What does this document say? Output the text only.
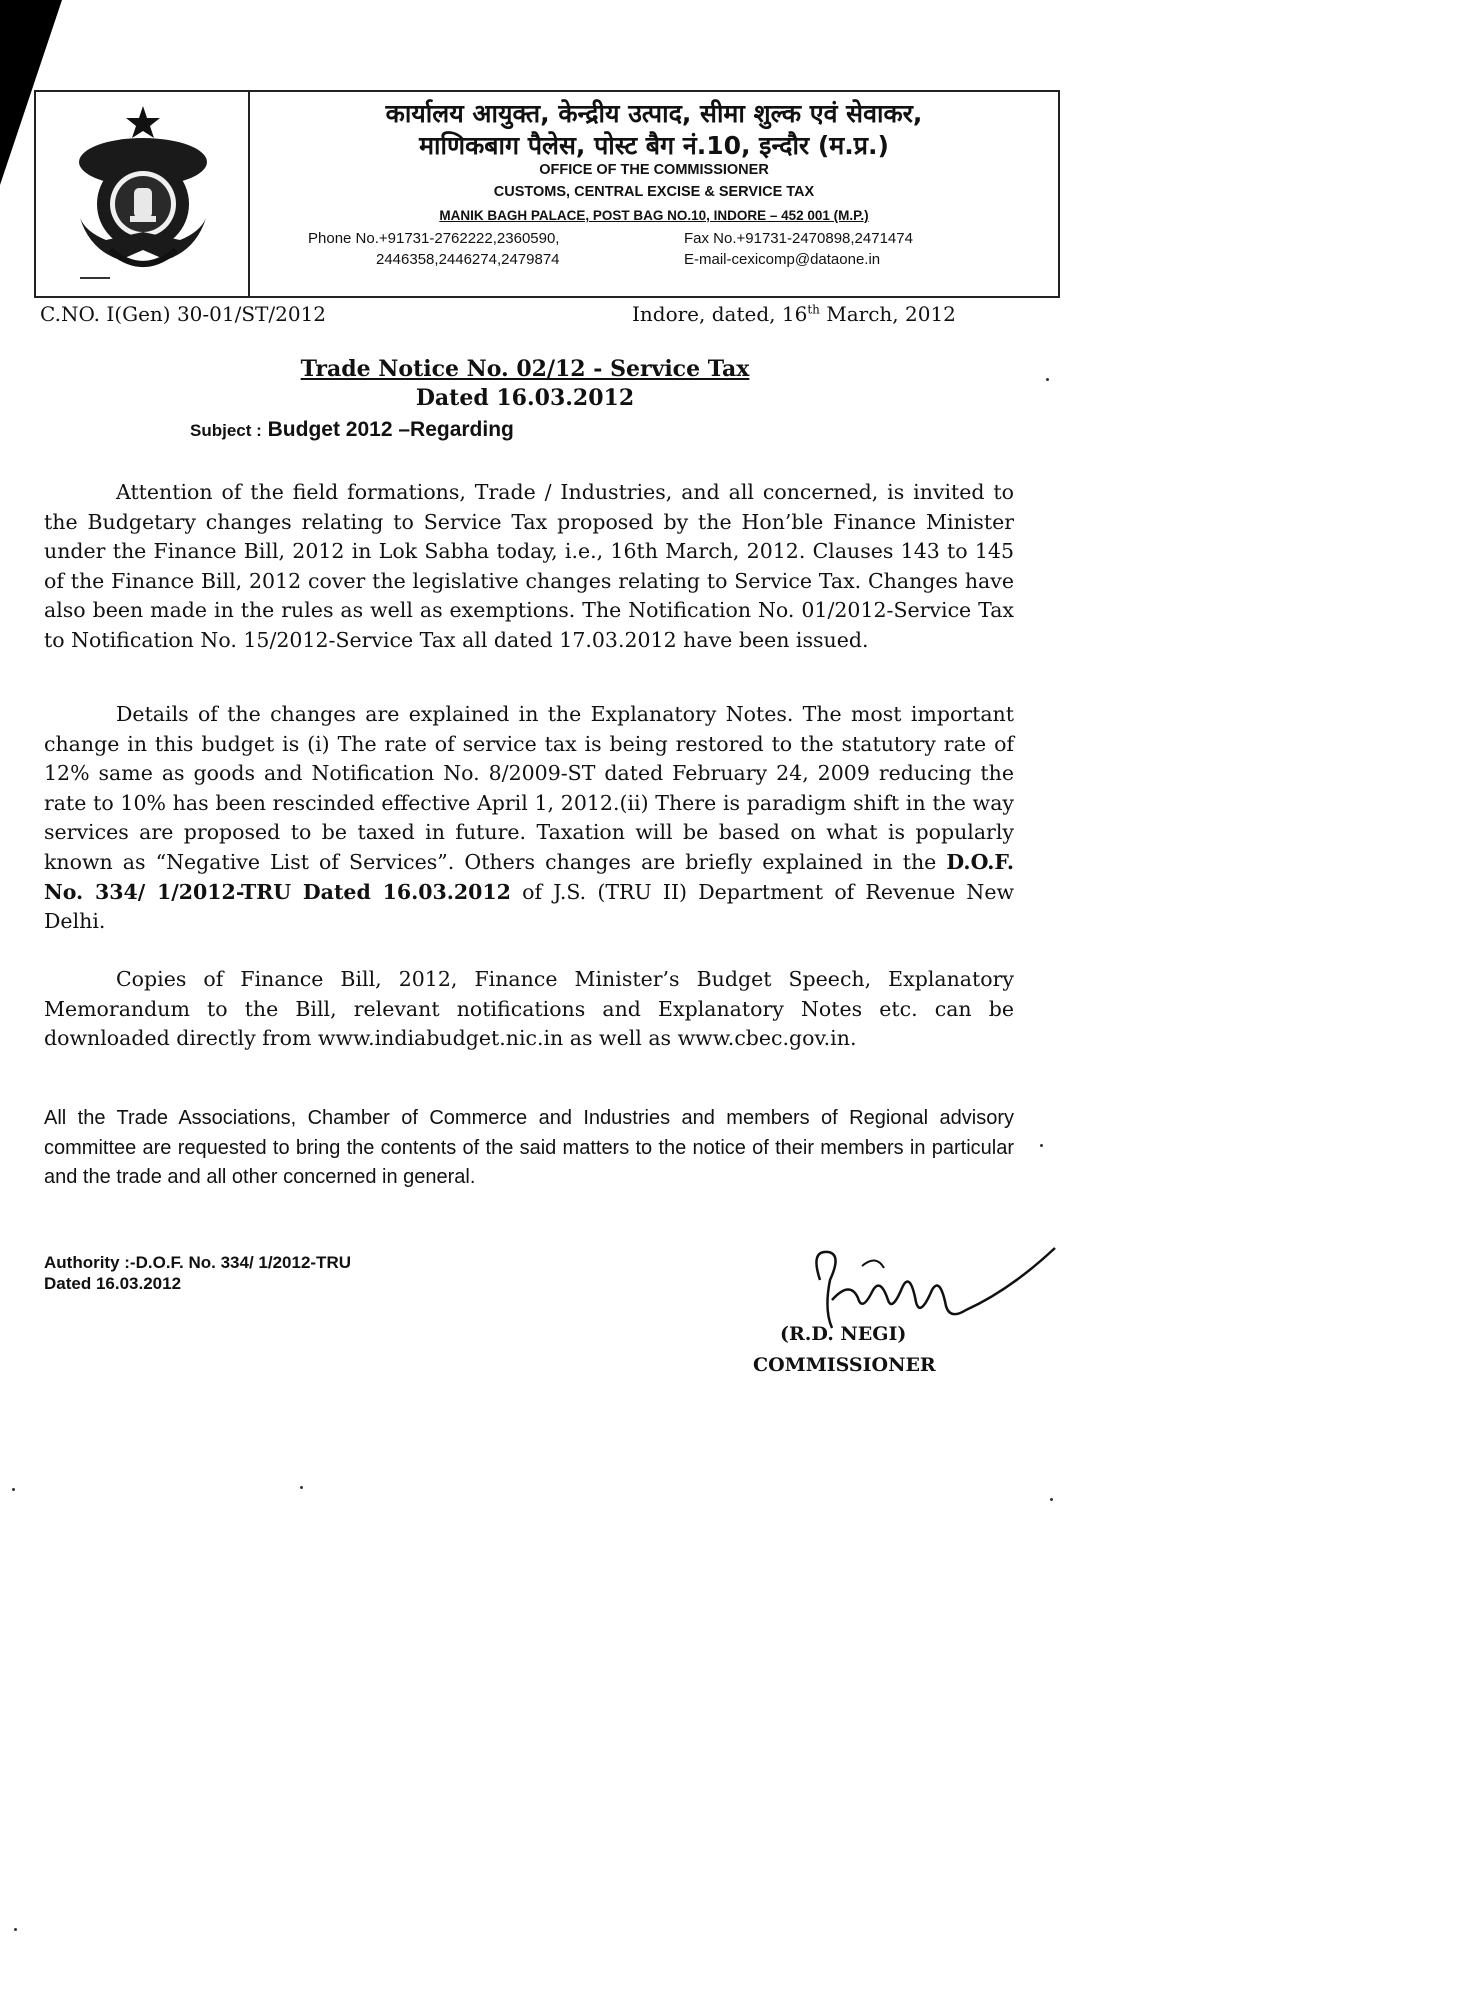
कार्यालय आयुक्त, केन्द्रीय उत्पाद, सीमा शुल्क एवं सेवाकर,
माणिकबाग पैलेस, पोस्ट बैग नं.10, इन्दौर (म.प्र.)
OFFICE OF THE COMMISSIONER
CUSTOMS, CENTRAL EXCISE & SERVICE TAX
MANIK BAGH PALACE, POST BAG NO.10, INDORE – 452 001 (M.P.)
Phone No.+91731-2762222,2360590,
2446358,2446274,2479874
Fax No.+91731-2470898,2471474
E-mail-cexicomp@dataone.in
C.NO. I(Gen) 30-01/ST/2012	Indore, dated, 16th March, 2012
Trade Notice No. 02/12 - Service Tax
Dated 16.03.2012
Subject : Budget 2012 –Regarding
Attention of the field formations, Trade / Industries, and all concerned, is invited to the Budgetary changes relating to Service Tax proposed by the Hon’ble Finance Minister under the Finance Bill, 2012 in Lok Sabha today, i.e., 16th March, 2012. Clauses 143 to 145 of the Finance Bill, 2012 cover the legislative changes relating to Service Tax. Changes have also been made in the rules as well as exemptions. The Notification No. 01/2012-Service Tax to Notification No. 15/2012-Service Tax all dated 17.03.2012 have been issued.
Details of the changes are explained in the Explanatory Notes. The most important change in this budget is (i) The rate of service tax is being restored to the statutory rate of 12% same as goods and Notification No. 8/2009-ST dated February 24, 2009 reducing the rate to 10% has been rescinded effective April 1, 2012.(ii) There is paradigm shift in the way services are proposed to be taxed in future. Taxation will be based on what is popularly known as “Negative List of Services”. Others changes are briefly explained in the D.O.F. No. 334/ 1/2012-TRU Dated 16.03.2012 of J.S. (TRU II) Department of Revenue New Delhi.
Copies of Finance Bill, 2012, Finance Minister’s Budget Speech, Explanatory Memorandum to the Bill, relevant notifications and Explanatory Notes etc. can be downloaded directly from www.indiabudget.nic.in as well as www.cbec.gov.in.
All the Trade Associations, Chamber of Commerce and Industries and members of Regional advisory committee are requested to bring the contents of the said matters to the notice of their members in particular and the trade and all other concerned in general.
Authority :-D.O.F. No. 334/ 1/2012-TRU
Dated 16.03.2012
(R.D. NEGI)
COMMISSIONER
